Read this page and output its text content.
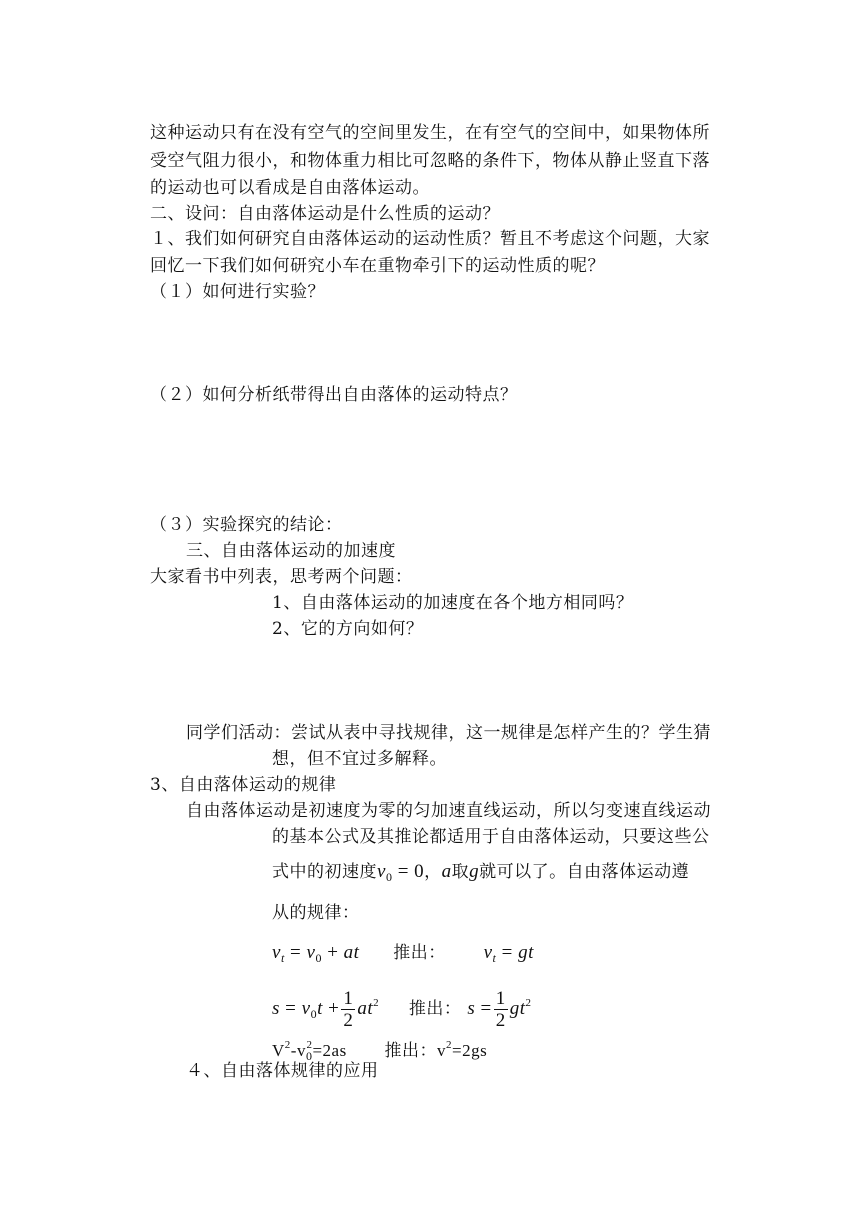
这种运动只有在没有空气的空间里发生，在有空气的空间中，如果物体所
受空气阻力很小，和物体重力相比可忽略的条件下，物体从静止竖直下落
的运动也可以看成是自由落体运动。
二、设问：自由落体运动是什么性质的运动？
１、我们如何研究自由落体运动的运动性质？暂且不考虑这个问题，大家
回忆一下我们如何研究小车在重物牵引下的运动性质的呢？
（１）如何进行实验？
（２）如何分析纸带得出自由落体的运动特点？
（３）实验探究的结论：
三、自由落体运动的加速度
大家看书中列表，思考两个问题：
1、自由落体运动的加速度在各个地方相同吗？
2、它的方向如何？
同学们活动：尝试从表中寻找规律，这一规律是怎样产生的？学生猜
想，但不宜过多解释。
3、自由落体运动的规律
自由落体运动是初速度为零的匀加速直线运动，所以匀变速直线运动
的基本公式及其推论都适用于自由落体运动，只要这些公
式中的初速度$v_0 = 0$，a取g就可以了。自由落体运动遵
从的规律：
$v_t = v_0$ + at 推出： $v_t$ = gt
$s = v_0t + \frac{1}{2} at^2$ 推出： $s = \frac{1}{2} gt^2$
$V^2-v_0^2=2as$ 推出：$v^2=2gs$
４、自由落体规律的应用
